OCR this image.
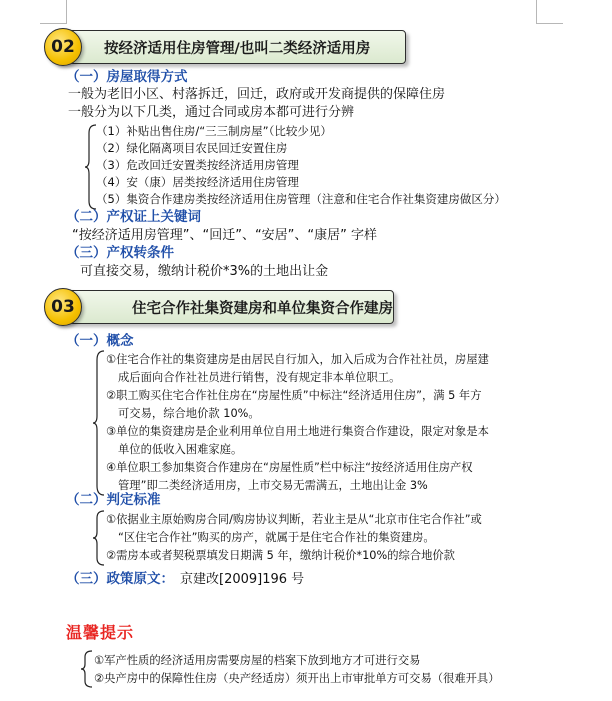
02	按经济适用住房管理/也叫二类经济适用房
（一）房屋取得方式
一般为老旧小区、村落拆迁，回迁，政府或开发商提供的保障住房
一般分为以下几类，通过合同或房本都可进行分辨
（1）补贴出售住房/“三三制房屋”（比较少见）
（2）绿化隔离项目农民回迁安置住房
（3）危改回迁安置类按经济适用房管理
（4）安（康）居类按经济适用住房管理
（5）集资合作建房类按经济适用住房管理（注意和住宅合作社集资建房做区分）
（二）产权证上关键词
“按经济适用房管理”、“回迁”、“安居”、“康居” 字样
（三）产权转条件
可直接交易，缴纳计税价*3%的土地出让金
03	住宅合作社集资建房和单位集资合作建房
（一）概念
①住宅合作社的集资建房是由居民自行加入，加入后成为合作社社员，房屋建
成后面向合作社社员进行销售，没有规定非本单位职工。
②职工购买住宅合作社住房在“房屋性质”中标注“经济适用住房”，满 5 年方
可交易，综合地价款 10%。
③单位的集资建房是企业利用单位自用土地进行集资合作建设，限定对象是本
单位的低收入困难家庭。
④单位职工参加集资合作建房在“房屋性质”栏中标注“按经济适用住房产权
管理”即二类经济适用房，上市交易无需满五，土地出让金 3%
（二）判定标准
①依据业主原始购房合同/购房协议判断，若业主是从“北京市住宅合作社”或
“区住宅合作社”购买的房产，就属于是住宅合作社的集资建房。
②需房本或者契税票填发日期满 5 年，缴纳计税价*10%的综合地价款
（三）政策原文： 京建改[2009]196 号
温馨提示
①军产性质的经济适用房需要房屋的档案下放到地方才可进行交易
②央产房中的保障性住房（央产经适房）须开出上市审批单方可交易（很难开具）
